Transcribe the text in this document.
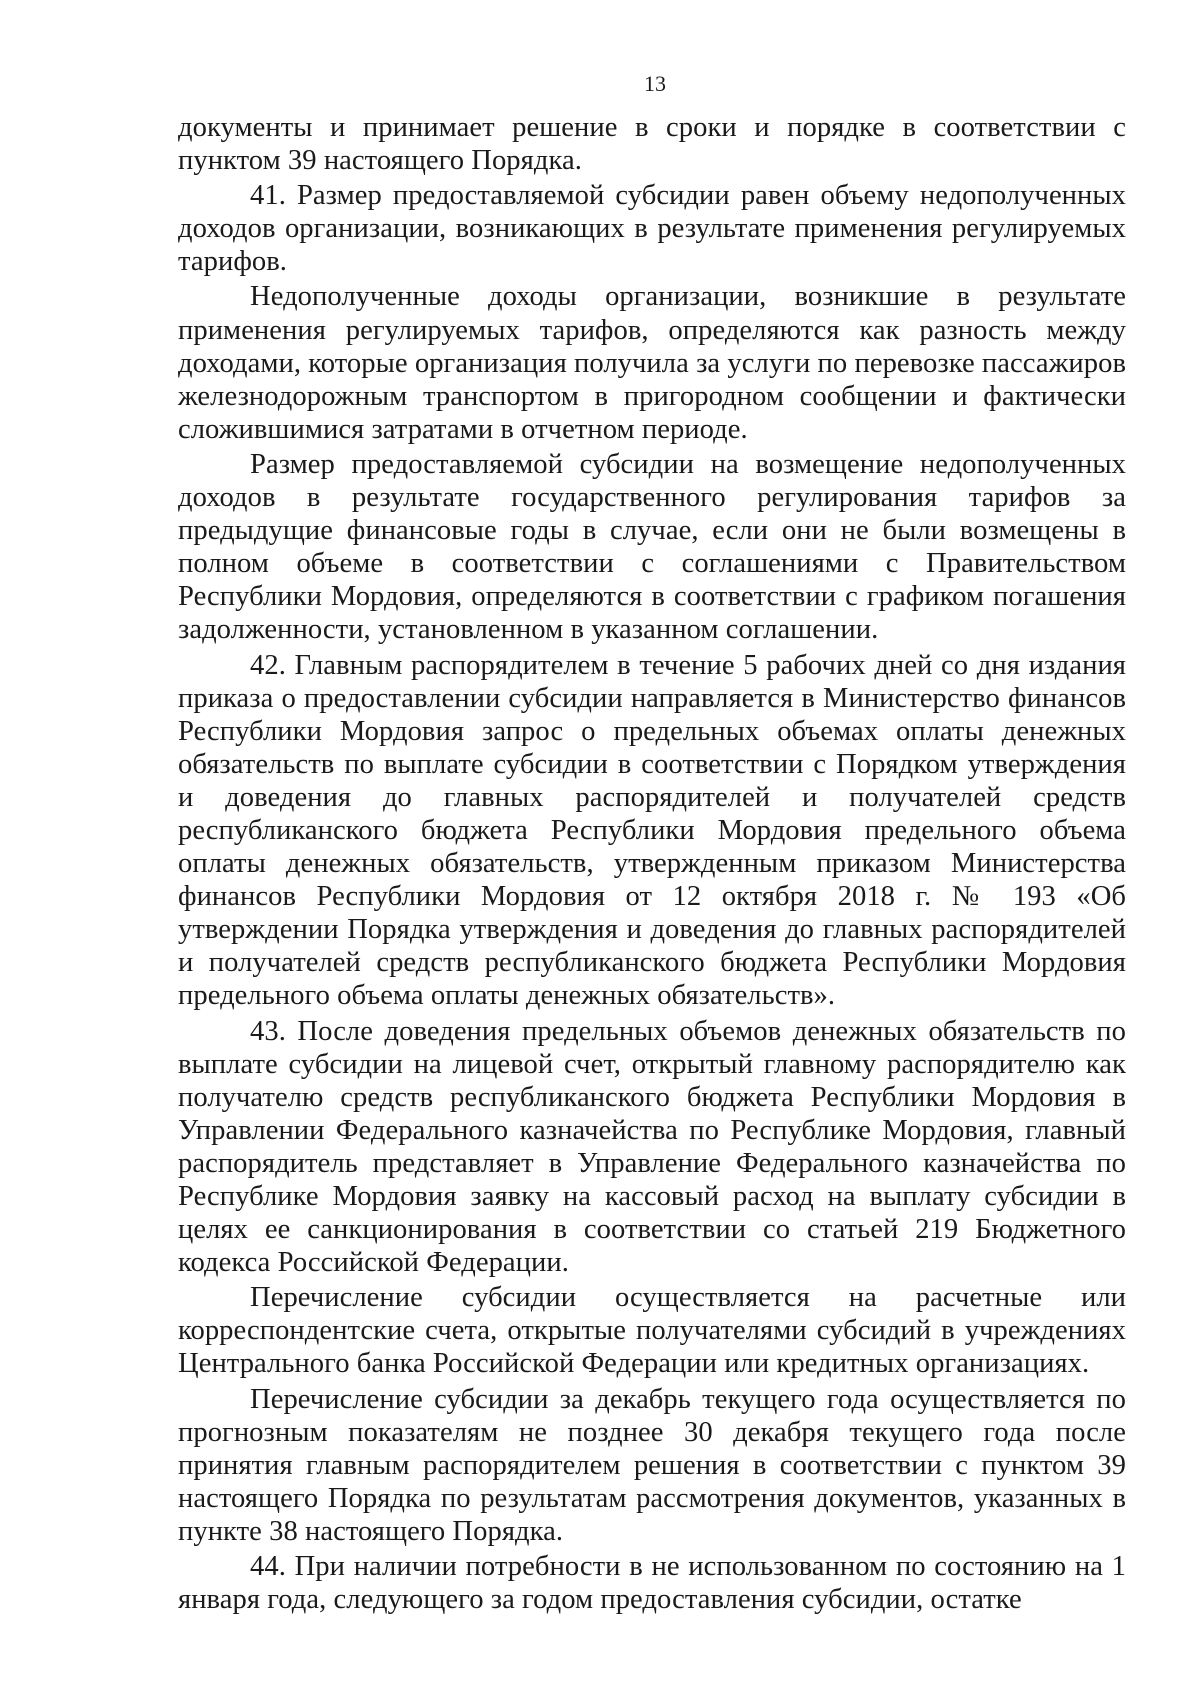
13

документы и принимает решение в сроки и порядке в соответствии с пунктом 39 настоящего Порядка.

41. Размер предоставляемой субсидии равен объему недополученных доходов организации, возникающих в результате применения регулируемых тарифов.

Недополученные доходы организации, возникшие в результате применения регулируемых тарифов, определяются как разность между доходами, которые организация получила за услуги по перевозке пассажиров железнодорожным транспортом в пригородном сообщении и фактически сложившимися затратами в отчетном периоде.

Размер предоставляемой субсидии на возмещение недополученных доходов в результате государственного регулирования тарифов за предыдущие финансовые годы в случае, если они не были возмещены в полном объеме в соответствии с соглашениями с Правительством Республики Мордовия, определяются в соответствии с графиком погашения задолженности, установленном в указанном соглашении.

42. Главным распорядителем в течение 5 рабочих дней со дня издания приказа о предоставлении субсидии направляется в Министерство финансов Республики Мордовия запрос о предельных объемах оплаты денежных обязательств по выплате субсидии в соответствии с Порядком утверждения и доведения до главных распорядителей и получателей средств республиканского бюджета Республики Мордовия предельного объема оплаты денежных обязательств, утвержденным приказом Министерства финансов Республики Мордовия от 12 октября 2018 г. № 193 «Об утверждении Порядка утверждения и доведения до главных распорядителей и получателей средств республиканского бюджета Республики Мордовия предельного объема оплаты денежных обязательств».

43. После доведения предельных объемов денежных обязательств по выплате субсидии на лицевой счет, открытый главному распорядителю как получателю средств республиканского бюджета Республики Мордовия в Управлении Федерального казначейства по Республике Мордовия, главный распорядитель представляет в Управление Федерального казначейства по Республике Мордовия заявку на кассовый расход на выплату субсидии в целях ее санкционирования в соответствии со статьей 219 Бюджетного кодекса Российской Федерации.

Перечисление субсидии осуществляется на расчетные или корреспондентские счета, открытые получателями субсидий в учреждениях Центрального банка Российской Федерации или кредитных организациях.

Перечисление субсидии за декабрь текущего года осуществляется по прогнозным показателям не позднее 30 декабря текущего года после принятия главным распорядителем решения в соответствии с пунктом 39 настоящего Порядка по результатам рассмотрения документов, указанных в пункте 38 настоящего Порядка.

44. При наличии потребности в не использованном по состоянию на 1 января года, следующего за годом предоставления субсидии, остатке
